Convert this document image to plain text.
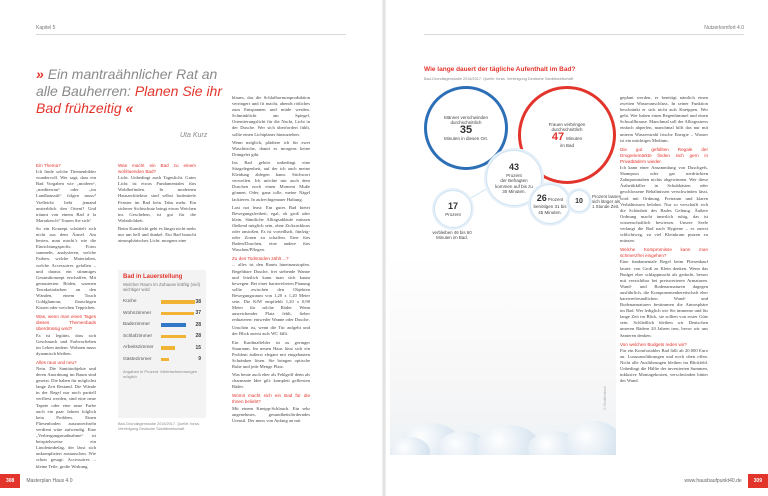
Kapitel 5
» Ein mantraähnlicher Rat an alle Bauherren: Planen Sie ihr Bad frühzeitig «
Uta Kurz
Ein Thema?
Ich finde solche Themenbilder wundervoll. Wer sagt, dass ein Bad Vorgaben wie „modern“, „mediterran“ oder „im Landhausstil“ folgen muss? Vielleicht liebt jemand unsterblich den Orient? Und träumt von einem Bad à la Marrakesch? Trauen Sie sich!
So ein Konzept schüttelt sich nicht aus dem Ärmel. Am besten, man macht’s wie die Einrichtungsprofis: Fotos sammeln, analysieren, welche Farben, welche Materialien, welche Accessoires gefallen – und daraus ein stimmiges Gesamtkonzept erschaffen. Mit gemusterten Böden, warmen Terrakottafarben an den Wänden, einem Touch Goldglamour, flauschigen Kissen oder weichen Teppichen.
Was, wenn man einen Tages dieses Themenbads überdrüssig wird?
Es ist legitim, dass sich Geschmack und Farbvorlieben im Leben ändern. Wohnen muss dynamisch bleiben.
Alles raus und neu?
Nein. Die Sanitärobjekte und deren Anordnung im Raum sind gesetzt. Die haben für möglichst lange Zeit Bestand. Die Wände in der Regel nur noch partiell verfliest werden, sind eine neue Tapete oder eine neue Farbe auch ein paar Jahren folglich kein Problem. Einen Fliesenboden auszuwechseln verdient wäre aufwendig. Eine „Verbergungsmaßnahme“ ist beispielsweise ein Linoleumbelag, der lässt sich unkompliziert austauschen. Wie schon gesagt: Accessoires – kleine Teile, große Wirkung.
Was macht ein Bad zu einem wohltuenden Bad?
Licht. Unbedingt auch Tageslicht. Gutes Licht ist etwas Fundamentales fürs Wohlbefinden. In modernen Hausarchitektur sind selbst bodentiefe Fenster im Bad kein Tabu mehr. Ein sicherer Sichtschutz bringt etwas Weichen ins Geschehen, ist gut für die Wohnlichkeit.
Beim Kunstlicht geht es längst nicht mehr nur um hell und dunkel. Ein Bad braucht atmosphärisches Licht: morgens eine
blaues, das die Schlafhormonproduktion verringert und fit macht, abends rötliches zum Entspannen und müde werden. Schminklicht am Spiegel, Orientierungslicht für die Nacht, Licht in der Dusche. Wer sich überfordert fühlt, sollte einen Lichtplaner hinzuziehen.
Wenn möglich, plädiere ich für zwei Waschtische, damit es morgens keine Drängelei gibt.
Ins Bad gehört unbedingt eine Sitzgelegenheit, auf der ich auch meine Kleidung ablegen kann. Stichwort verweilen. Ich möchte mir auch dem Duschen noch einen Moment Muße gönnen. Oder, ganz tolle, meine Nägel lackieren. In aufrechtgenauer Haltung.
Last not least: Ein gutes Bad bietet Bewegungsfreiheit, egal, ob groß oder klein. Sämtliche Alltagsabläufe müssen fließend möglich sein, ohne Zickzackkurs oder anstoßen. Es ist vorteilhaft, fünfzig- oder Zonen zu schaffen. Eine fürs Baden/Duschen, eine andere fürs Waschen/Pflegen.
Zu den Todsünden zählt ...?
... alles ist den Raum hineinzustopfen. Begehbare Dusche, frei stehende Wanne und letztlich kann man sich kaum bewegen. Bei einer barrierefreien Planung sollte zwischen den Objekten Bewegungsraum von 1,20 x 1,20 Meter sein. Die KfW empfiehlt 1,20 x 0,90 Meter für solche Räder. Wenn ausreichender Platz fehlt, lieber reduzieren: entweder Wanne oder Dusche.
Unschön ist, wenn die Tür aufgeht und der Blick zuerst aufs WC fällt.
Ein Kardinalfehler ist zu geringer Stauraum. Im neuen Haus lässt sich ein Problem äußerst elegant mit eingebauten Schränken lösen. Sie bringen optische Ruhe und jede Menge Platz.
Was heute auch eher als Fehlgriff denn als charmante Idee gilt: komplett gefliesten Bäder.
Womit macht sich ein Bad für die Ihnen beliebt?
Mit einem Kneipp-Schlauch. Ein sehr angenehmes, gesundheitsförderndes Utensil. Der muss von Anfang an mit
Bad in Lauerstellung
Welcher Raum im Zuhause kräftig (viel) wichtiger wird
Küche	38
Wohnzimmer	37
Badezimmer	28
Schlafzimmer	28
Arbeitszimmer	15
Gästezimmer	9
Angaben in Prozent. Mehrfachnennungen möglich
Bad-Grundlagenstudie 2016/2017. Quelle: forsa. Vereinigung Deutsche Sanitärwirtschaft
308	Masterplan Haus 4.0
Nutzerkomfort 4.0
www.hausbaufpunkt40.de	309
Wie lange dauert der tägliche Aufenthalt im Bad?
Bad-Grundlagenstudie 2016/2017. Quelle: forsa. Vereinigung Deutsche Sanitärwirtschaft
Männer verschwinden durchschnittlich
35
Minuten in diesen Ort.
Frauen verbringen durchschnittlich
47 Minuten
im Bad
43
Prozent
der Befragten kommen auf bis zu 30 Minuten.
17
Prozent
verbleiben 46 bis 60 Minuten im Bad.
26 Prozent
benötigen 31 bis 45 Minuten.
10
Prozent lassen sich länger als 1 Stunde Zeit.
© Shutterstock
geplant werden, er benötigt nämlich einen zweiten Wasseranschluss. In seiner Funktion beschränkt er sich nicht aufs Kneippen. Wer geht. Wer haben einen Regenhimmel und einen Schwallbrause. Manchmal soll der Alltagsstress einfach abperlen, manchmal hilft das nur mit unterm Wasserstrahl frische Energie – Wasser ist ein mächtiges Medium.
Die gut gefüllten Regale der Drogeriemärkte finden sich gern in Privatbädern wieder.
Ich kann einer Ansammlung von Duschgels, Shampoos oder gar nerdrückten Zahnpastatuben nichts abgewinnen. Wer diese Ästhetikkiller in Schubkästen oder geschlossene Behältnissen verschwinden lässt, wird mit Ordnung, Freiraum und klaren Verhältnissen belohnt. Nur so verschafft sich die Schönheit des Bades Geltung. Äußere Ordnung macht innerlich ruhig, das ist wissenschaftlich bewiesen. Unsere Seele verlangt die Bad nach Hygiene – es zuerst schlichtweg, zu viel Kleinkram putzen zu müssen.
Welche Kompromisse kann man schmerzfrei eingehen?
Eine fundamentale Regel beim Fliesenkauf lautet: von Groß zu Klein denken. Wenn das Budget eher schlappmacht als gedacht, besser mit verzichtbar bei preiswerteren Armaturen. Wand- und Bodenarmaturen dagegen ausführlich, die Komponentenbereitschaft eher barrierefreundlichen. Wand- und Bodenarmaturen bestimmen die Atmosphäre im Bad. Wer lediglich wie Sie immense und für lange Zeit im Blick, sie sollten von erster Güte sein. Schließlich bleiben wir Deutschen unseren Bädern 20 Jahren treu, bevor wir uns Sanieren denken.
Von welchen Budgets reden wir?
Für ein Komfortables Bad fällt ab 20.000 Euro an. Luxusausführungen und noch oben offen. Nicht alle Ausführungen bleiben im Blickfeld. Unbedingt die Hälfte der investierten Summen, inklusive Montagekosten, verschwinden hinter der Wand.
